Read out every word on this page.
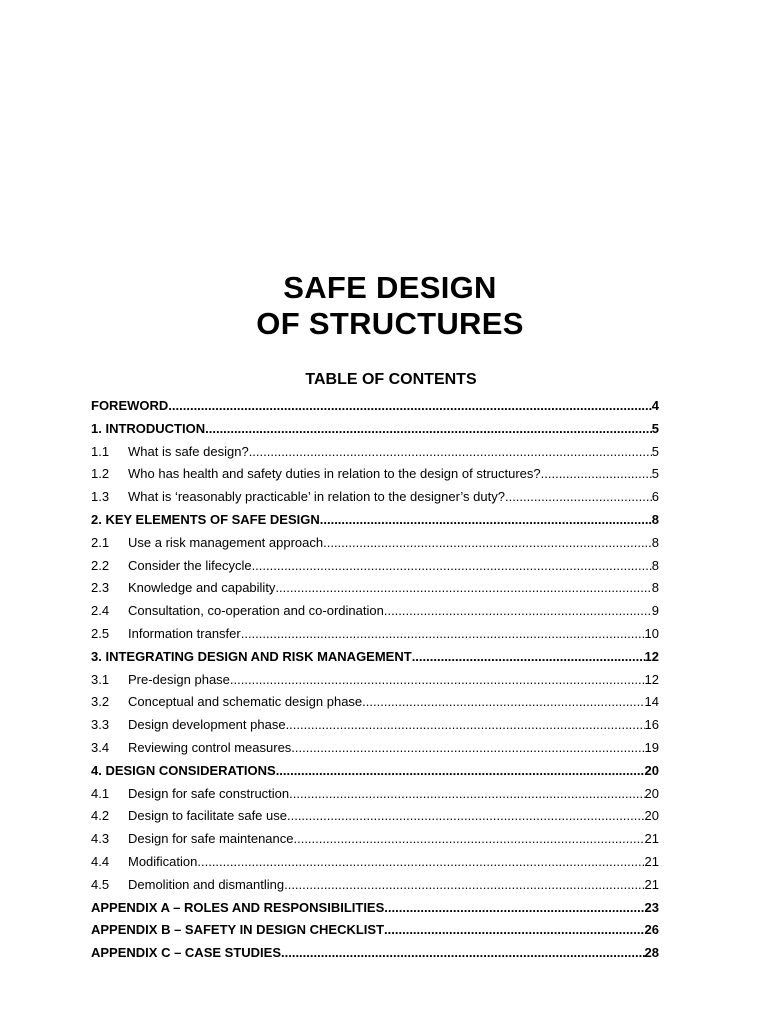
SAFE DESIGN
OF STRUCTURES
TABLE OF CONTENTS
FOREWORD .....	4
1. INTRODUCTION .....	5
1.1	What is safe design? .....	5
1.2	Who has health and safety duties in relation to the design of structures? .....	5
1.3	What is ‘reasonably practicable’ in relation to the designer’s duty? .....	6
2. KEY ELEMENTS OF SAFE DESIGN .....	8
2.1	Use a risk management approach .....	8
2.2	Consider the lifecycle .....	8
2.3	Knowledge and capability .....	8
2.4	Consultation, co-operation and co-ordination .....	9
2.5	Information transfer .....	10
3. INTEGRATING DESIGN AND RISK MANAGEMENT .....	12
3.1	Pre-design phase .....	12
3.2	Conceptual and schematic design phase .....	14
3.3	Design development phase .....	16
3.4	Reviewing control measures .....	19
4. DESIGN CONSIDERATIONS .....	20
4.1	Design for safe construction .....	20
4.2	Design to facilitate safe use .....	20
4.3	Design for safe maintenance .....	21
4.4	Modification .....	21
4.5	Demolition and dismantling .....	21
APPENDIX A – ROLES AND RESPONSIBILITIES .....	23
APPENDIX B – SAFETY IN DESIGN CHECKLIST .....	26
APPENDIX C – CASE STUDIES .....	28
